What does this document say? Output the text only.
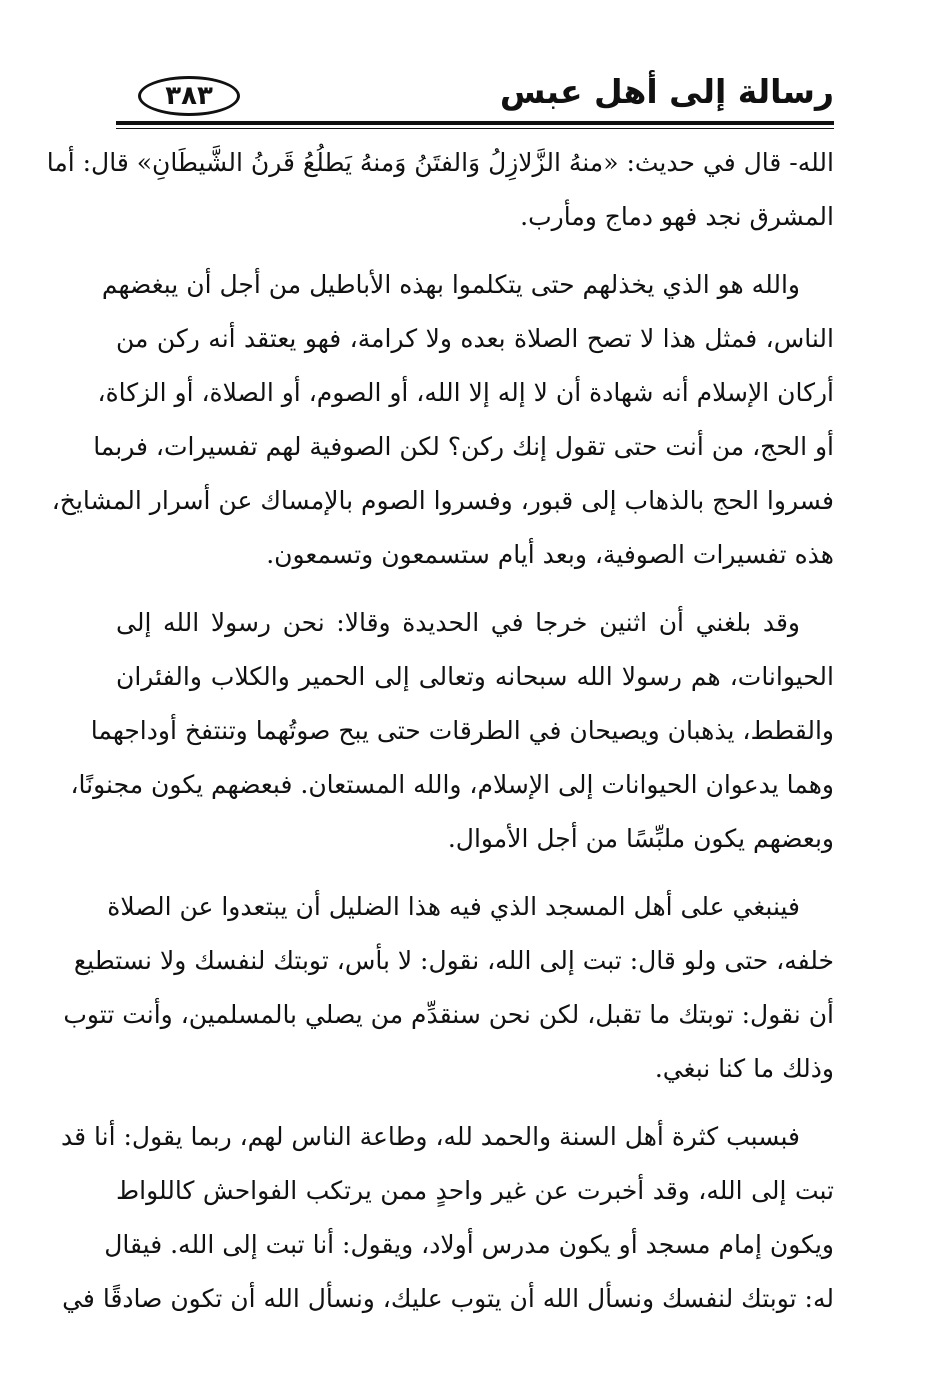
رسالة إلى أهل عبس
٣٨٣
الله- قال في حديث: «منهُ الزَّلازِلُ وَالفتَنُ وَمنهُ يَطلُعُ قَرنُ الشَّيطَانِ» قال: أما
المشرق نجد فهو دماج ومأرب.
والله هو الذي يخذلهم حتى يتكلموا بهذه الأباطيل من أجل أن يبغضهم
الناس، فمثل هذا لا تصح الصلاة بعده ولا كرامة، فهو يعتقد أنه ركن من
أركان الإسلام أنه شهادة أن لا إله إلا الله، أو الصوم، أو الصلاة، أو الزكاة،
أو الحج، من أنت حتى تقول إنك ركن؟ لكن الصوفية لهم تفسيرات، فربما
فسروا الحج بالذهاب إلى قبور، وفسروا الصوم بالإمساك عن أسرار المشايخ،
هذه تفسيرات الصوفية، وبعد أيام ستسمعون وتسمعون.
وقد بلغني أن اثنين خرجا في الحديدة وقالا: نحن رسولا الله إلى
الحيوانات، هم رسولا الله سبحانه وتعالى إلى الحمير والكلاب والفئران
والقطط، يذهبان ويصيحان في الطرقات حتى يبح صوتُهما وتنتفخ أوداجهما
وهما يدعوان الحيوانات إلى الإسلام، والله المستعان. فبعضهم يكون مجنونًا،
وبعضهم يكون ملبِّسًا من أجل الأموال.
فينبغي على أهل المسجد الذي فيه هذا الضليل أن يبتعدوا عن الصلاة
خلفه، حتى ولو قال: تبت إلى الله، نقول: لا بأس، توبتك لنفسك ولا نستطيع
أن نقول: توبتك ما تقبل، لكن نحن سنقدِّم من يصلي بالمسلمين، وأنت تتوب
وذلك ما كنا نبغي.
فبسبب كثرة أهل السنة والحمد لله، وطاعة الناس لهم، ربما يقول: أنا قد
تبت إلى الله، وقد أخبرت عن غير واحدٍ ممن يرتكب الفواحش كاللواط
ويكون إمام مسجد أو يكون مدرس أولاد، ويقول: أنا تبت إلى الله. فيقال
له: توبتك لنفسك ونسأل الله أن يتوب عليك، ونسأل الله أن تكون صادقًا في
